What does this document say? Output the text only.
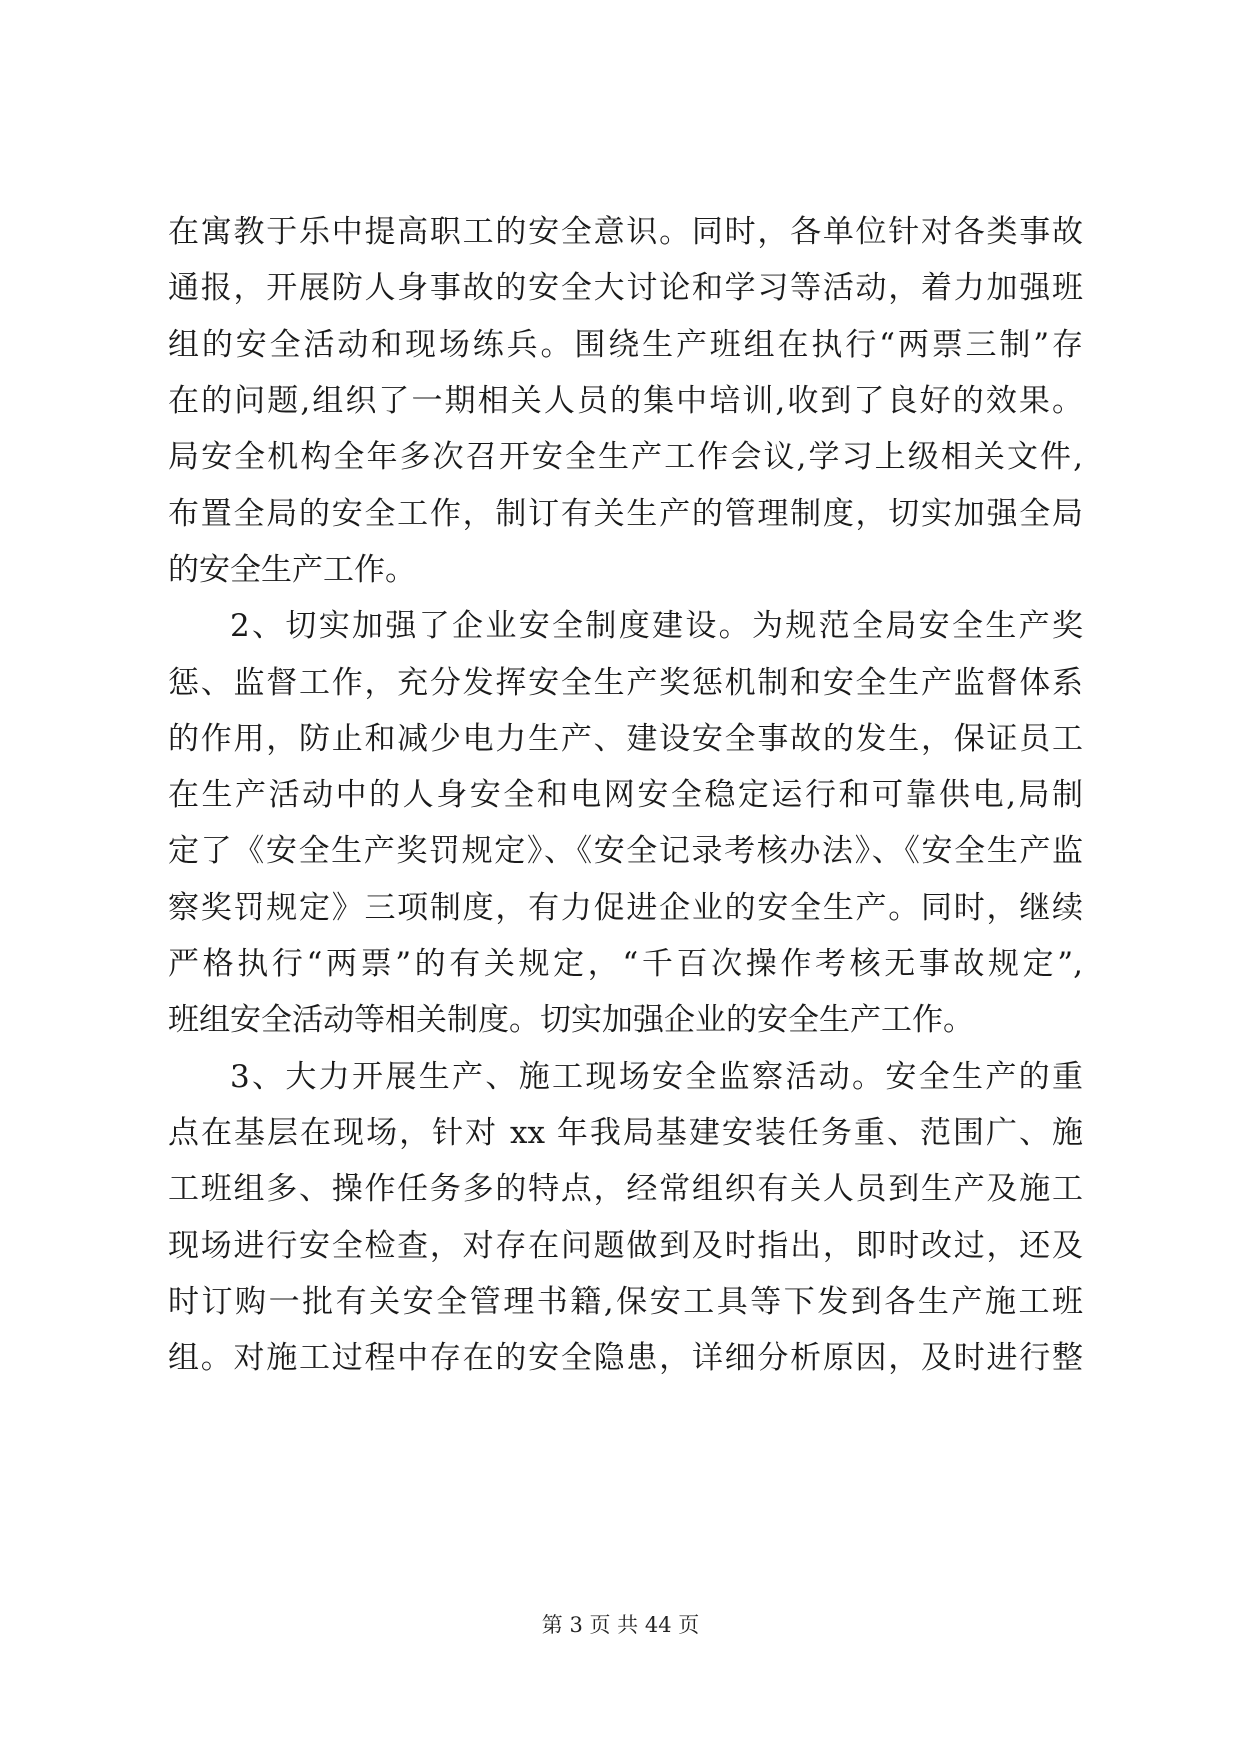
在寓教于乐中提高职工的安全意识。同时，各单位针对各类事故
通报，开展防人身事故的安全大讨论和学习等活动，着力加强班
组的安全活动和现场练兵。围绕生产班组在执行“两票三制”存
在的问题,组织了一期相关人员的集中培训,收到了良好的效果。
局安全机构全年多次召开安全生产工作会议,学习上级相关文件,
布置全局的安全工作，制订有关生产的管理制度，切实加强全局
的安全生产工作。
2、切实加强了企业安全制度建设。为规范全局安全生产奖
惩、监督工作，充分发挥安全生产奖惩机制和安全生产监督体系
的作用，防止和减少电力生产、建设安全事故的发生，保证员工
在生产活动中的人身安全和电网安全稳定运行和可靠供电,局制
定了《安全生产奖罚规定》、《安全记录考核办法》、《安全生产监
察奖罚规定》三项制度，有力促进企业的安全生产。同时，继续
严格执行“两票”的有关规定，“千百次操作考核无事故规定”,
班组安全活动等相关制度。切实加强企业的安全生产工作。
3、大力开展生产、施工现场安全监察活动。安全生产的重
点在基层在现场，针对 xx 年我局基建安装任务重、范围广、施
工班组多、操作任务多的特点，经常组织有关人员到生产及施工
现场进行安全检查，对存在问题做到及时指出，即时改过，还及
时订购一批有关安全管理书籍,保安工具等下发到各生产施工班
组。对施工过程中存在的安全隐患，详细分析原因，及时进行整
第 3 页 共 44 页
